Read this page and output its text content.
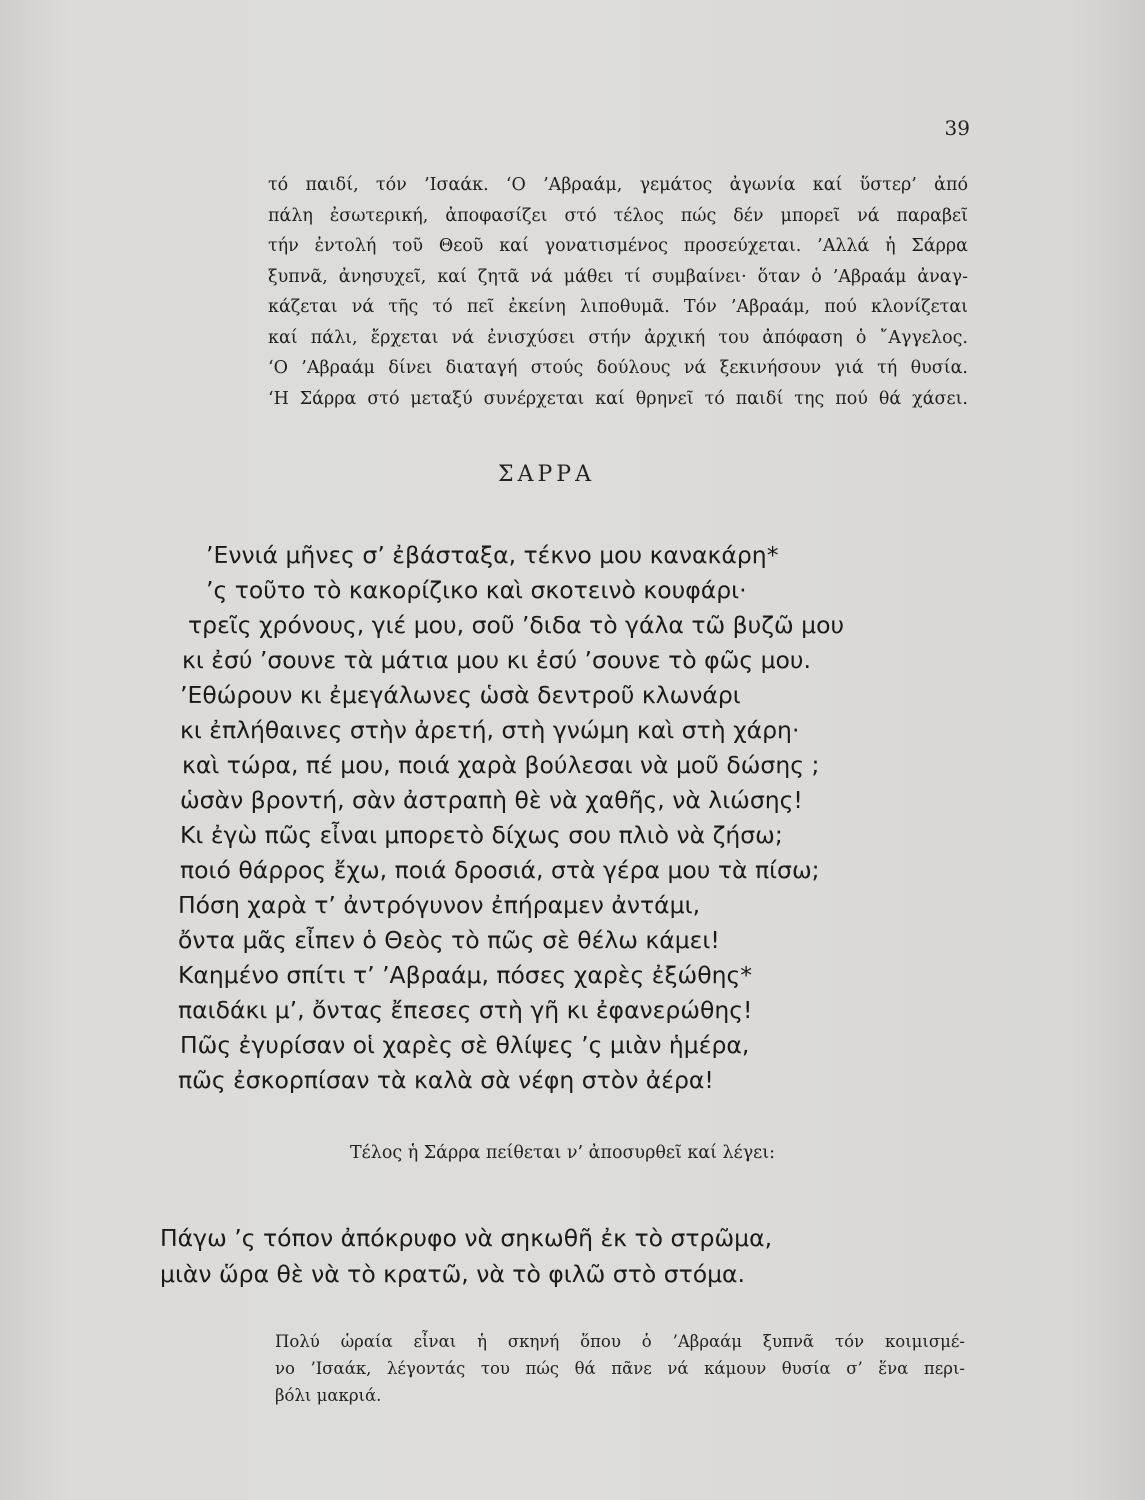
39
τό παιδί, τόν ’Ισαάκ. ‘Ο ’Αβραάμ, γεμάτος ἀγωνία καί ὕστερ’ ἀπό
πάλη ἐσωτερική, ἀποφασίζει στό τέλος πώς δέν μπορεῖ νά παραβεῖ
τήν ἐντολή τοῦ Θεοῦ καί γονατισμένος προσεύχεται. ’Αλλά ἡ Σάρρα
ξυπνᾶ, ἀνησυχεῖ, καί ζητᾶ νά μάθει τί συμβαίνει· ὅταν ὁ ’Αβραάμ ἀναγ-
κάζεται νά τῆς τό πεῖ ἐκείνη λιποθυμᾶ. Τόν ’Αβραάμ, πού κλονίζεται
καί πάλι, ἔρχεται νά ἐνισχύσει στήν ἀρχική του ἀπόφαση ὁ ῎Αγγελος.
‘Ο ’Αβραάμ δίνει διαταγή στούς δούλους νά ξεκινήσουν γιά τή θυσία.
‘Η Σάρρα στό μεταξύ συνέρχεται καί θρηνεῖ τό παιδί της πού θά χάσει.
ΣΑΡΡΑ
’Εννιά μῆνες σ’ ἐβάσταξα, τέκνο μου κανακάρη*
’ς τοῦτο τὸ κακορίζικο καὶ σκοτεινὸ κουφάρι·
τρεῖς χρόνους, γιέ μου, σοῦ ’διδα τὸ γάλα τῶ βυζῶ μου
κι ἐσύ ’σουνε τὰ μάτια μου κι ἐσύ ’σουνε τὸ φῶς μου.
’Εθώρουν κι ἐμεγάλωνες ὡσὰ δεντροῦ κλωνάρι
κι ἐπλήθαινες στὴν ἀρετή, στὴ γνώμη καὶ στὴ χάρη·
καὶ τώρα, πέ μου, ποιά χαρὰ βούλεσαι νὰ μοῦ δώσης ;
ὡσὰν βροντή, σὰν ἀστραπὴ θὲ νὰ χαθῆς, νὰ λιώσης!
Κι ἐγὼ πῶς εἶναι μπορετὸ δίχως σου πλιὸ νὰ ζήσω;
ποιό θάρρος ἔχω, ποιά δροσιά, στὰ γέρα μου τὰ πίσω;
Πόση χαρὰ τ’ ἀντρόγυνον ἐπήραμεν ἀντάμι,
ὄντα μᾶς εἶπεν ὁ Θεὸς τὸ πῶς σὲ θέλω κάμει!
Καημένο σπίτι τ’ ’Αβραάμ, πόσες χαρὲς ἐξώθης*
παιδάκι μ’, ὄντας ἔπεσες στὴ γῆ κι ἐφανερώθης!
Πῶς ἐγυρίσαν οἱ χαρὲς σὲ θλίψες ’ς μιὰν ἡμέρα,
πῶς ἐσκορπίσαν τὰ καλὰ σὰ νέφη στὸν ἀέρα!
Τέλος ἡ Σάρρα πείθεται ν’ ἀποσυρθεῖ καί λέγει:
Πάγω ’ς τόπον ἀπόκρυφο νὰ σηκωθῆ ἐκ τὸ στρῶμα,
μιὰν ὥρα θὲ νὰ τὸ κρατῶ, νὰ τὸ φιλῶ στὸ στόμα.
Πολύ ὡραία εἶναι ἡ σκηνή ὅπου ὁ ’Αβραάμ ξυπνᾶ τόν κοιμισμέ-
νο ’Ισαάκ, λέγοντάς του πώς θά πᾶνε νά κάμουν θυσία σ’ ἕνα περι-
βόλι μακριά.
